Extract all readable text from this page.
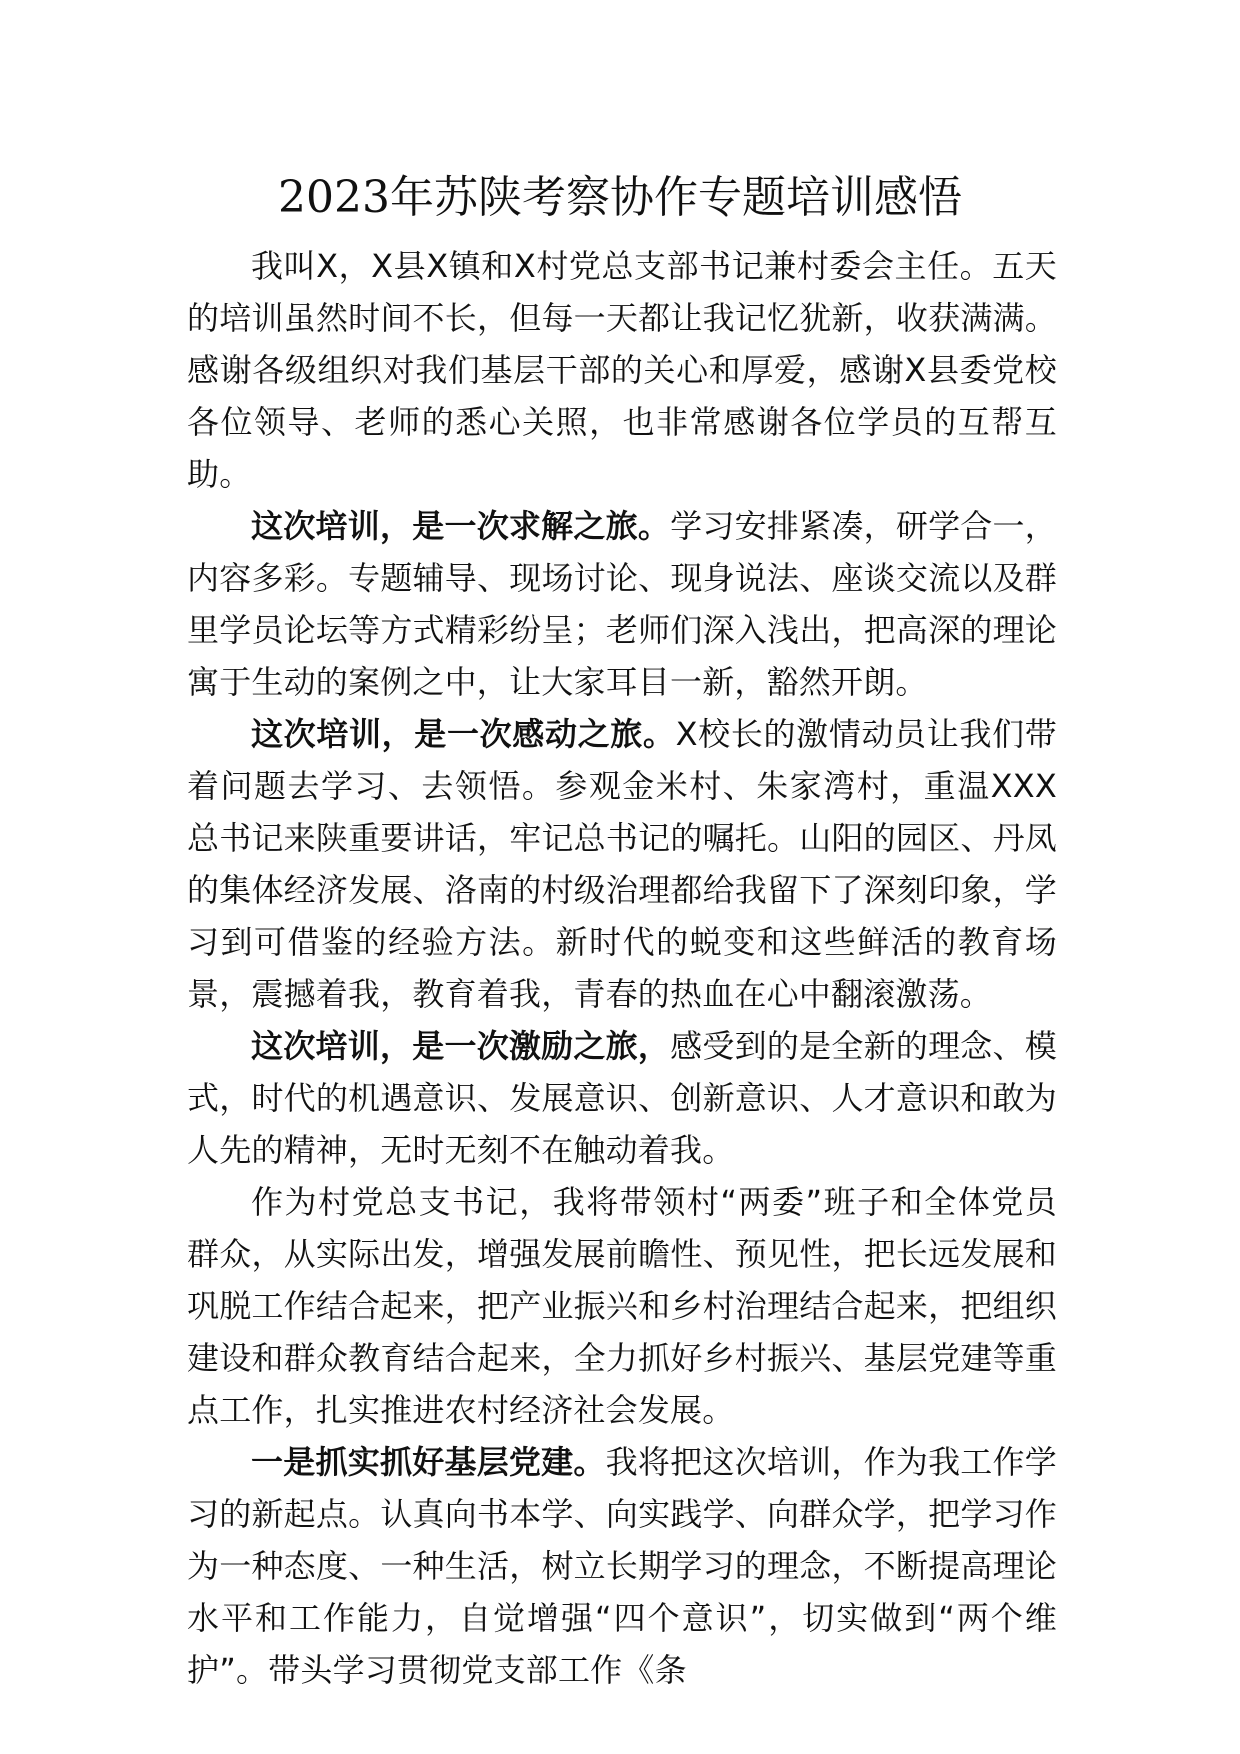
2023年苏陕考察协作专题培训感悟

我叫X，X县X镇和X村党总支部书记兼村委会主任。五天的培训虽然时间不长，但每一天都让我记忆犹新，收获满满。感谢各级组织对我们基层干部的关心和厚爱，感谢X县委党校各位领导、老师的悉心关照，也非常感谢各位学员的互帮互助。

这次培训，是一次求解之旅。学习安排紧凑，研学合一，内容多彩。专题辅导、现场讨论、现身说法、座谈交流以及群里学员论坛等方式精彩纷呈；老师们深入浅出，把高深的理论寓于生动的案例之中，让大家耳目一新，豁然开朗。

这次培训，是一次感动之旅。X校长的激情动员让我们带着问题去学习、去领悟。参观金米村、朱家湾村，重温XXX总书记来陕重要讲话，牢记总书记的嘱托。山阳的园区、丹凤的集体经济发展、洛南的村级治理都给我留下了深刻印象，学习到可借鉴的经验方法。新时代的蜕变和这些鲜活的教育场景，震撼着我，教育着我，青春的热血在心中翻滚激荡。

这次培训，是一次激励之旅，感受到的是全新的理念、模式，时代的机遇意识、发展意识、创新意识、人才意识和敢为人先的精神，无时无刻不在触动着我。

作为村党总支书记，我将带领村“两委”班子和全体党员群众，从实际出发，增强发展前瞻性、预见性，把长远发展和巩脱工作结合起来，把产业振兴和乡村治理结合起来，把组织建设和群众教育结合起来，全力抓好乡村振兴、基层党建等重点工作，扎实推进农村经济社会发展。

一是抓实抓好基层党建。我将把这次培训，作为我工作学习的新起点。认真向书本学、向实践学、向群众学，把学习作为一种态度、一种生活，树立长期学习的理念，不断提高理论水平和工作能力，自觉增强“四个意识”，切实做到“两个维护”。带头学习贯彻党支部工作《条
